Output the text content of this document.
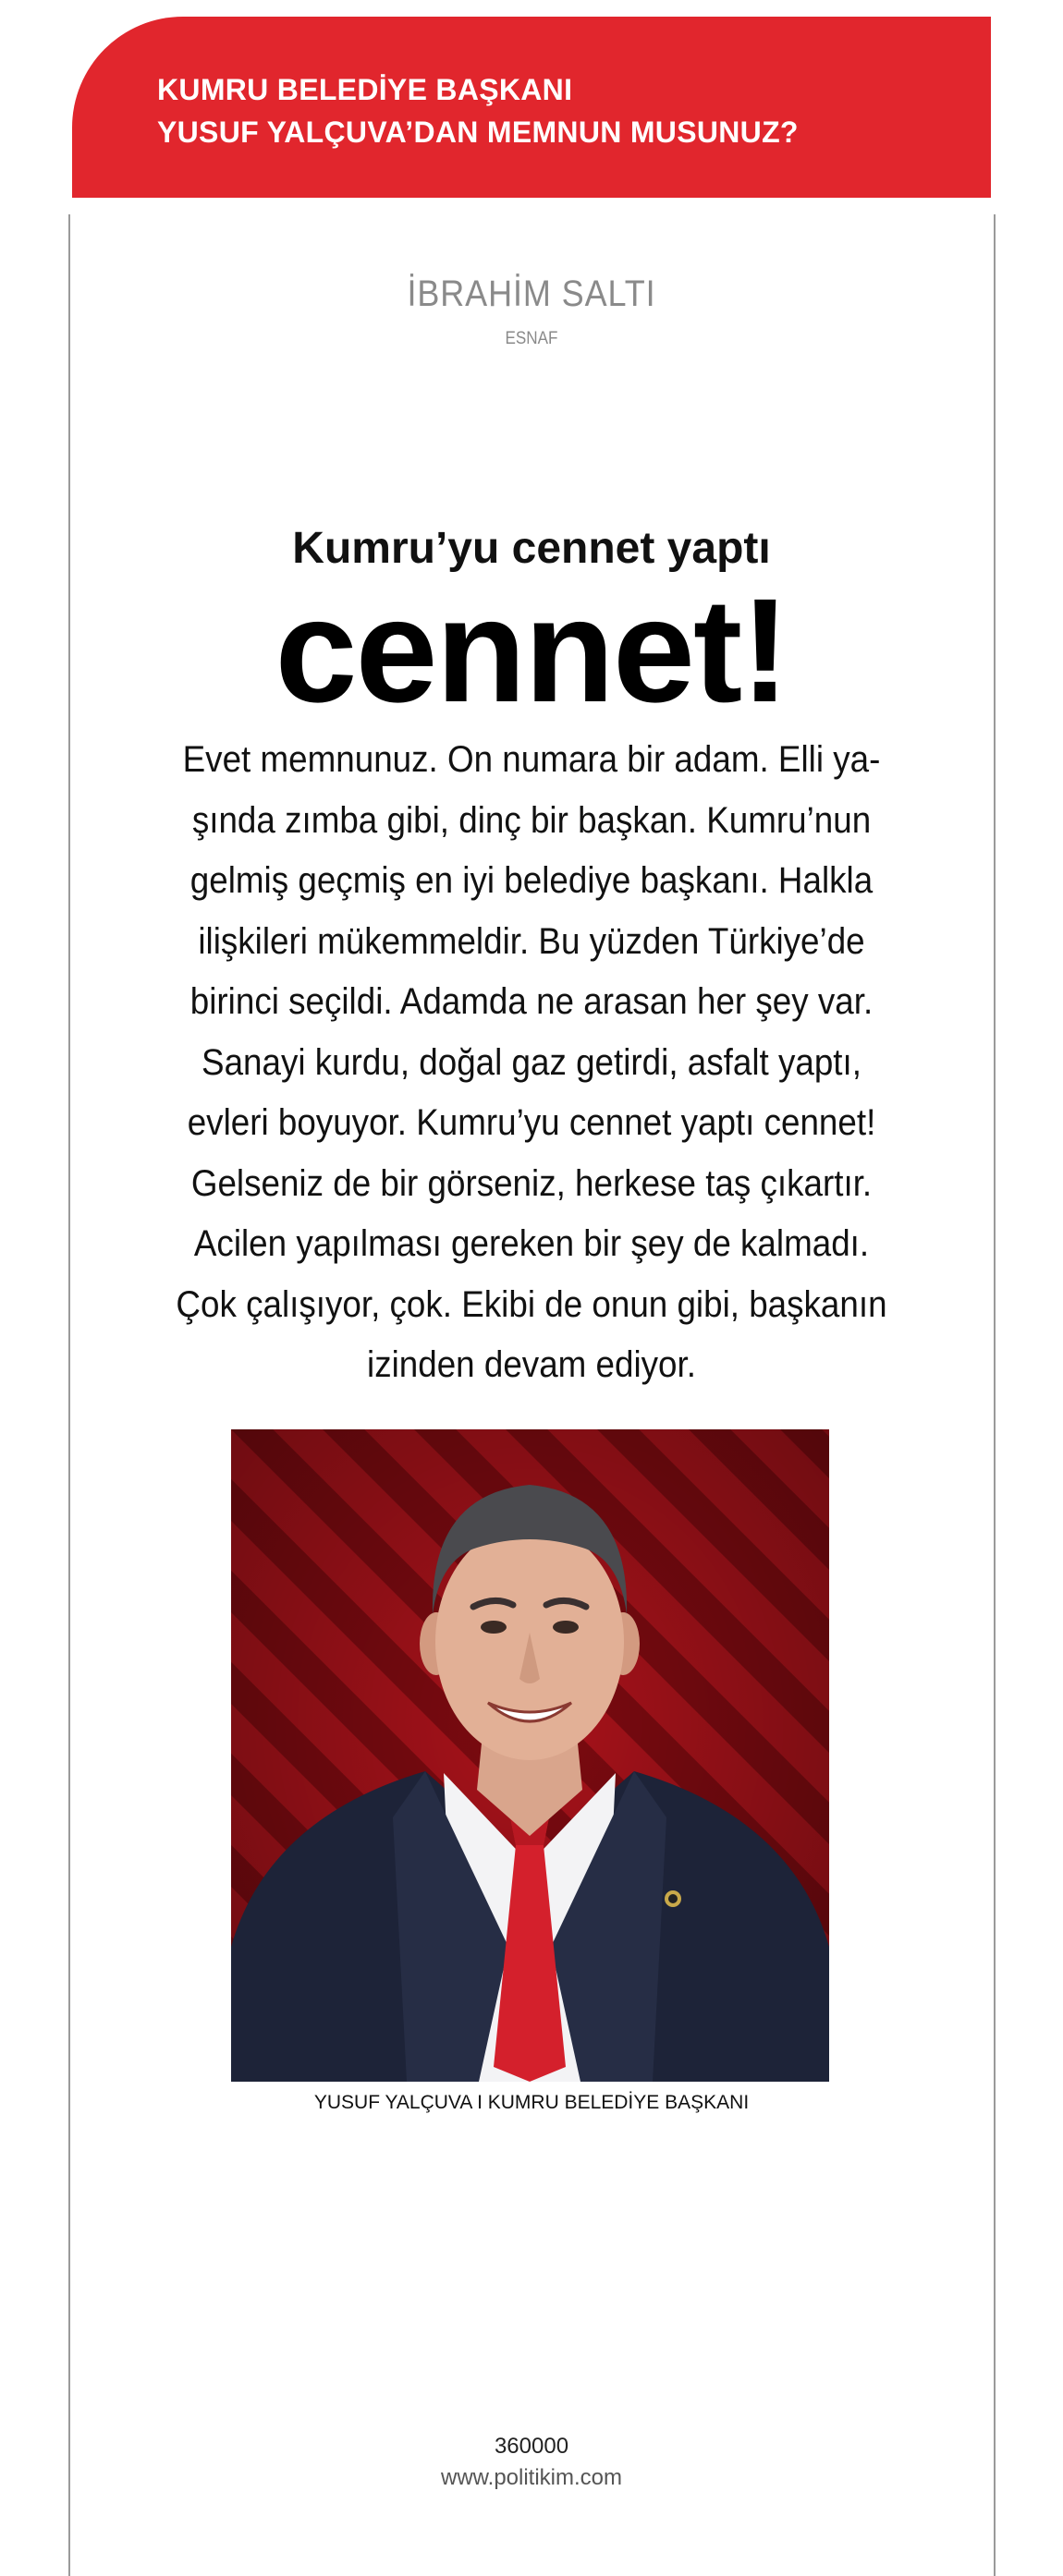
KUMRU BELEDİYE BAŞKANI
YUSUF YALÇUVA’DAN MEMNUN MUSUNUZ?
İBRAHİM SALTI
ESNAF
Kumru’yu cennet yaptı
cennet!
Evet memnunuz. On numara bir adam. Elli ya-
şında zımba gibi, dinç bir başkan. Kumru’nun
gelmiş geçmiş en iyi belediye başkanı. Halkla
ilişkileri mükemmeldir. Bu yüzden Türkiye’de
birinci seçildi. Adamda ne arasan her şey var.
Sanayi kurdu, doğal gaz getirdi, asfalt yaptı,
evleri boyuyor. Kumru’yu cennet yaptı cennet!
Gelseniz de bir görseniz, herkese taş çıkartır.
Acilen yapılması gereken bir şey de kalmadı.
Çok çalışıyor, çok. Ekibi de onun gibi, başkanın
izinden devam ediyor.
YUSUF YALÇUVA I KUMRU BELEDİYE BAŞKANI
360000
www.politikim.com
